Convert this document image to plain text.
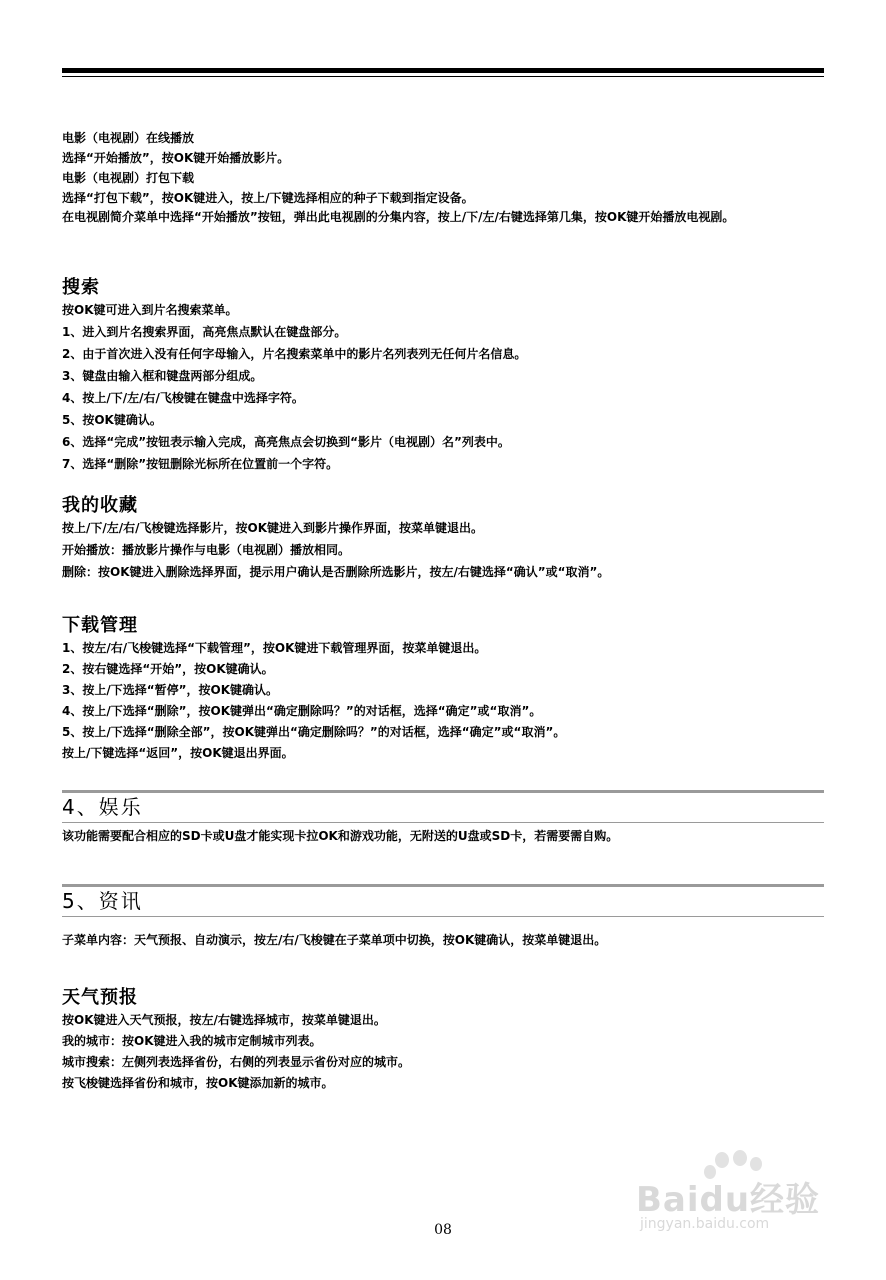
电影（电视剧）在线播放
选择“开始播放”，按OK键开始播放影片。
电影（电视剧）打包下载
选择“打包下载”，按OK键进入，按上/下键选择相应的种子下载到指定设备。
在电视剧简介菜单中选择“开始播放”按钮，弹出此电视剧的分集内容，按上/下/左/右键选择第几集，按OK键开始播放电视剧。
搜索
按OK键可进入到片名搜索菜单。
1、进入到片名搜索界面，高亮焦点默认在键盘部分。
2、由于首次进入没有任何字母输入，片名搜索菜单中的影片名列表列无任何片名信息。
3、键盘由输入框和键盘两部分组成。
4、按上/下/左/右/飞梭键在键盘中选择字符。
5、按OK键确认。
6、选择“完成”按钮表示输入完成，高亮焦点会切换到“影片（电视剧）名”列表中。
7、选择“删除”按钮删除光标所在位置前一个字符。
我的收藏
按上/下/左/右/飞梭键选择影片，按OK键进入到影片操作界面，按菜单键退出。
开始播放：播放影片操作与电影（电视剧）播放相同。
删除：按OK键进入删除选择界面，提示用户确认是否删除所选影片，按左/右键选择“确认”或“取消”。
下载管理
1、按左/右/飞梭键选择“下载管理”，按OK键进下载管理界面，按菜单键退出。
2、按右键选择“开始”，按OK键确认。
3、按上/下选择“暂停”，按OK键确认。
4、按上/下选择“删除”，按OK键弹出“确定删除吗？”的对话框，选择“确定”或“取消”。
5、按上/下选择“删除全部”，按OK键弹出“确定删除吗？”的对话框，选择“确定”或“取消”。
按上/下键选择“返回”，按OK键退出界面。
4、娱乐
该功能需要配合相应的SD卡或U盘才能实现卡拉OK和游戏功能，无附送的U盘或SD卡，若需要需自购。
5、资讯
子菜单内容：天气预报、自动演示，按左/右/飞梭键在子菜单项中切换，按OK键确认，按菜单键退出。
天气预报
按OK键进入天气预报，按左/右键选择城市，按菜单键退出。
我的城市：按OK键进入我的城市定制城市列表。
城市搜索：左侧列表选择省份，右侧的列表显示省份对应的城市。
按飞梭键选择省份和城市，按OK键添加新的城市。
Baidu经验
jingyan.baidu.com
08
